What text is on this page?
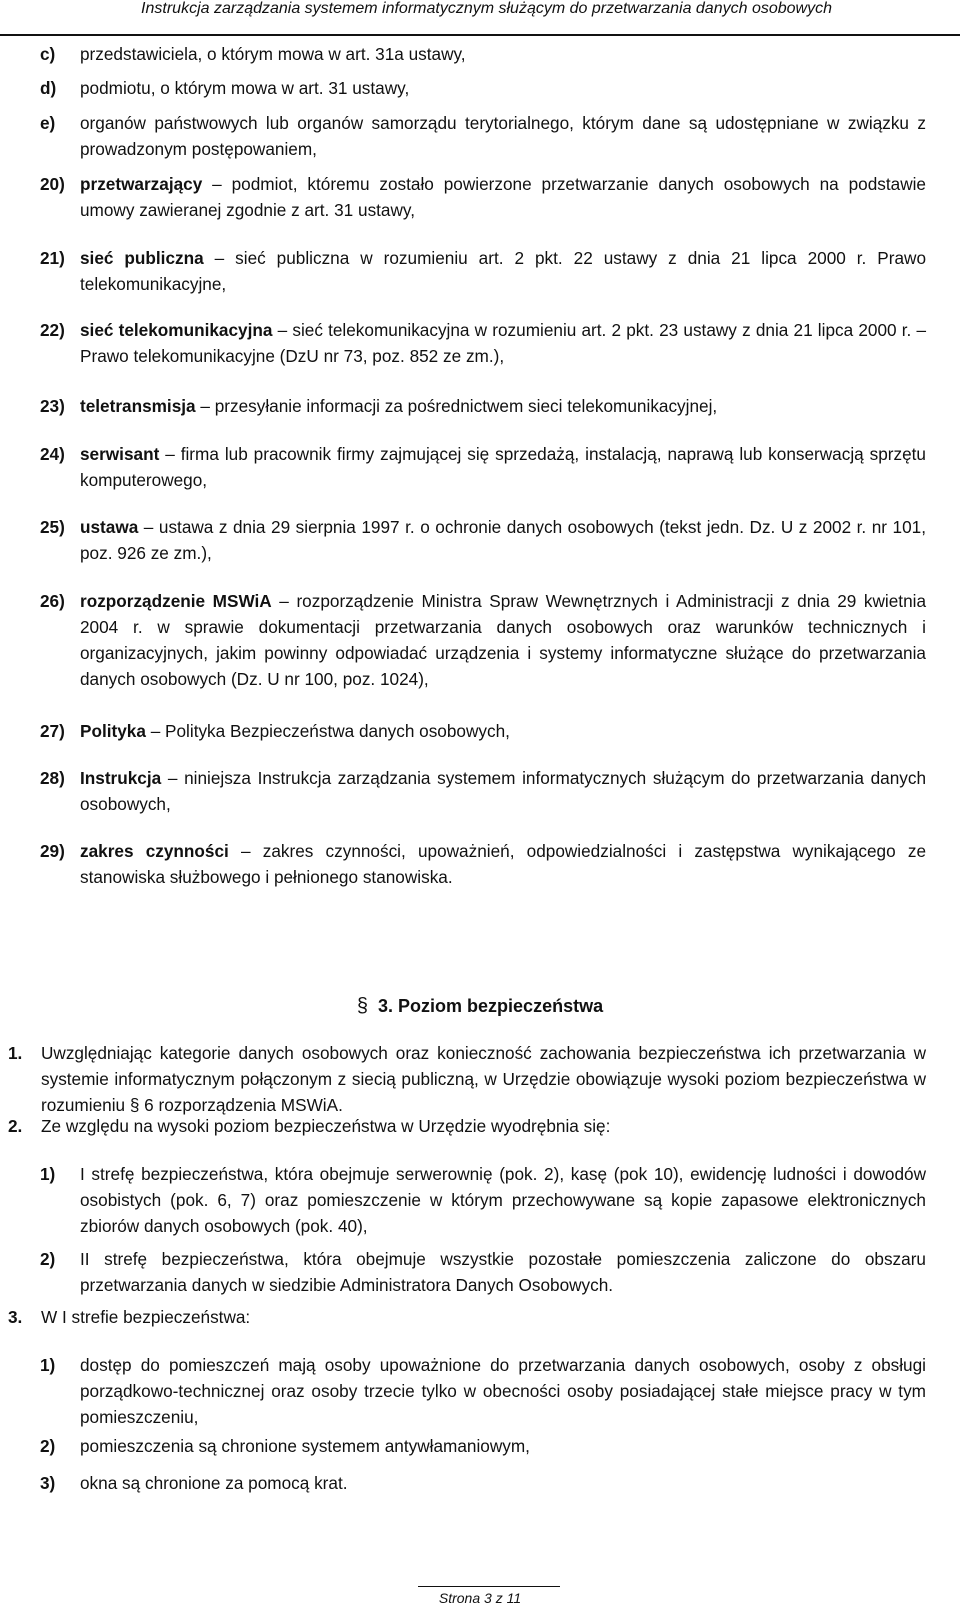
Instrukcja zarządzania systemem informatycznym służącym do przetwarzania danych osobowych
c) przedstawiciela, o którym mowa w art. 31a ustawy,
d) podmiotu, o którym mowa w art. 31 ustawy,
e) organów państwowych lub organów samorządu terytorialnego, którym dane są udostępniane w związku z prowadzonym postępowaniem,
20) przetwarzający – podmiot, któremu zostało powierzone przetwarzanie danych osobowych na podstawie umowy zawieranej zgodnie z art. 31 ustawy,
21) sieć publiczna – sieć publiczna w rozumieniu art. 2 pkt. 22 ustawy z dnia 21 lipca 2000 r. Prawo telekomunikacyjne,
22) sieć telekomunikacyjna – sieć telekomunikacyjna w rozumieniu art. 2 pkt. 23 ustawy z dnia 21 lipca 2000 r. – Prawo telekomunikacyjne (DzU nr 73, poz. 852 ze zm.),
23) teletransmisja – przesyłanie informacji za pośrednictwem sieci telekomunikacyjnej,
24) serwisant – firma lub pracownik firmy zajmującej się sprzedażą, instalacją, naprawą lub konserwacją sprzętu komputerowego,
25) ustawa – ustawa z dnia 29 sierpnia 1997 r. o ochronie danych osobowych (tekst jedn. Dz. U z 2002 r. nr 101, poz. 926 ze zm.),
26) rozporządzenie MSWiA – rozporządzenie Ministra Spraw Wewnętrznych i Administracji z dnia 29 kwietnia 2004 r. w sprawie dokumentacji przetwarzania danych osobowych oraz warunków technicznych i organizacyjnych, jakim powinny odpowiadać urządzenia i systemy informatyczne służące do przetwarzania danych osobowych (Dz. U nr 100, poz. 1024),
27) Polityka – Polityka Bezpieczeństwa danych osobowych,
28) Instrukcja – niniejsza Instrukcja zarządzania systemem informatycznych służącym do przetwarzania danych osobowych,
29) zakres czynności – zakres czynności, upoważnień, odpowiedzialności i zastępstwa wynikającego ze stanowiska służbowego i pełnionego stanowiska.
§ 3. Poziom bezpieczeństwa
1. Uwzględniając kategorie danych osobowych oraz konieczność zachowania bezpieczeństwa ich przetwarzania w systemie informatycznym połączonym z siecią publiczną, w Urzędzie obowiązuje wysoki poziom bezpieczeństwa w rozumieniu § 6 rozporządzenia MSWiA.
2. Ze względu na wysoki poziom bezpieczeństwa w Urzędzie wyodrębnia się:
1) I strefę bezpieczeństwa, która obejmuje serwerownię (pok. 2), kasę (pok 10), ewidencję ludności i dowodów osobistych (pok. 6, 7) oraz pomieszczenie w którym przechowywane są kopie zapasowe elektronicznych zbiorów danych osobowych (pok. 40),
2) II strefę bezpieczeństwa, która obejmuje wszystkie pozostałe pomieszczenia zaliczone do obszaru przetwarzania danych w siedzibie Administratora Danych Osobowych.
3. W I strefie bezpieczeństwa:
1) dostęp do pomieszczeń mają osoby upoważnione do przetwarzania danych osobowych, osoby z obsługi porządkowo-technicznej oraz osoby trzecie tylko w obecności osoby posiadającej stałe miejsce pracy w tym pomieszczeniu,
2) pomieszczenia są chronione systemem antywłamaniowym,
3) okna są chronione za pomocą krat.
Strona 3 z 11
